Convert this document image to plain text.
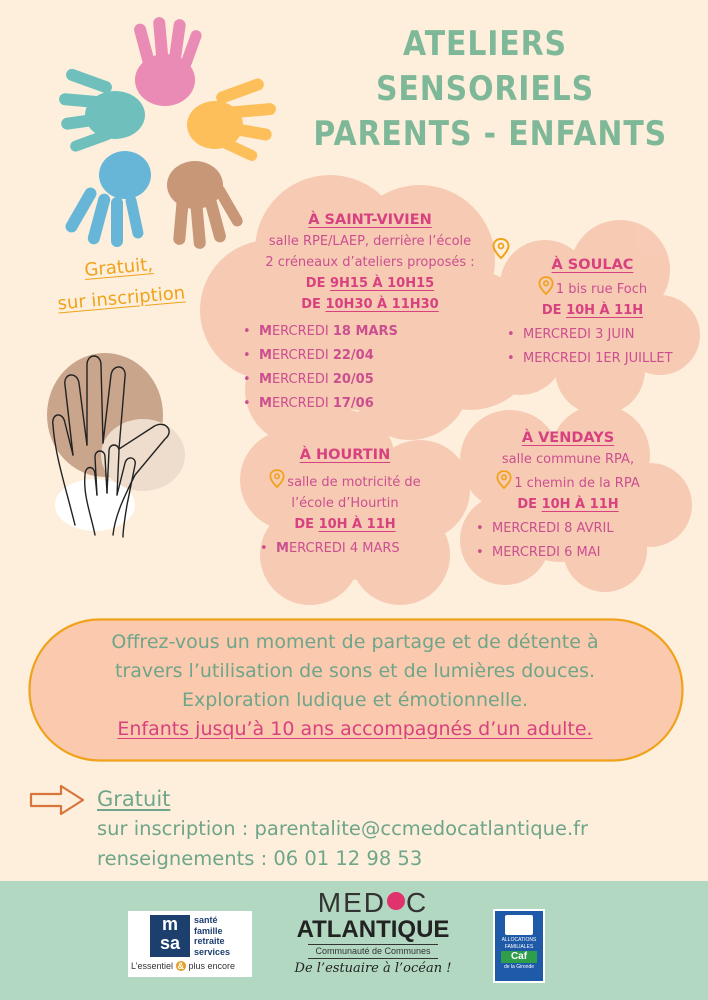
ATELIERS
SENSORIELS
PARENTS - ENFANTS
Gratuit,
sur inscription
À SAINT-VIVIEN
salle RPE/LAEP, derrière l’école
2 créneaux d’ateliers proposés :
DE 9H15 À 10H15
DE 10H30 À 11H30
• MERCREDI 18 MARS
• MERCREDI 22/04
• MERCREDI 20/05
• MERCREDI 17/06
À SOULAC
1 bis rue Foch
DE 10H À 11H
• MERCREDI 3 JUIN
• MERCREDI 1ER JUILLET
À HOURTIN
salle de motricité de
l’école d’Hourtin
DE 10H À 11H
• MERCREDI 4 MARS
À VENDAYS
salle commune RPA,
1 chemin de la RPA
DE 10H À 11H
• MERCREDI 8 AVRIL
• MERCREDI 6 MAI
Offrez-vous un moment de partage et de détente à
travers l’utilisation de sons et de lumières douces.
Exploration ludique et émotionnelle.
Enfants jusqu’à 10 ans accompagnés d’un adulte.
Gratuit
sur inscription : parentalite@ccmedocatlantique.fr
renseignements : 06 01 12 98 53
m
sa
santé
famille
retraite
services
L’essentiel & plus encore
MED C
ATLANTIQUE
Communauté de Communes
De l’estuaire à l’océan !
ALLOCATIONS
FAMILIALES
Caf
de la Gironde
